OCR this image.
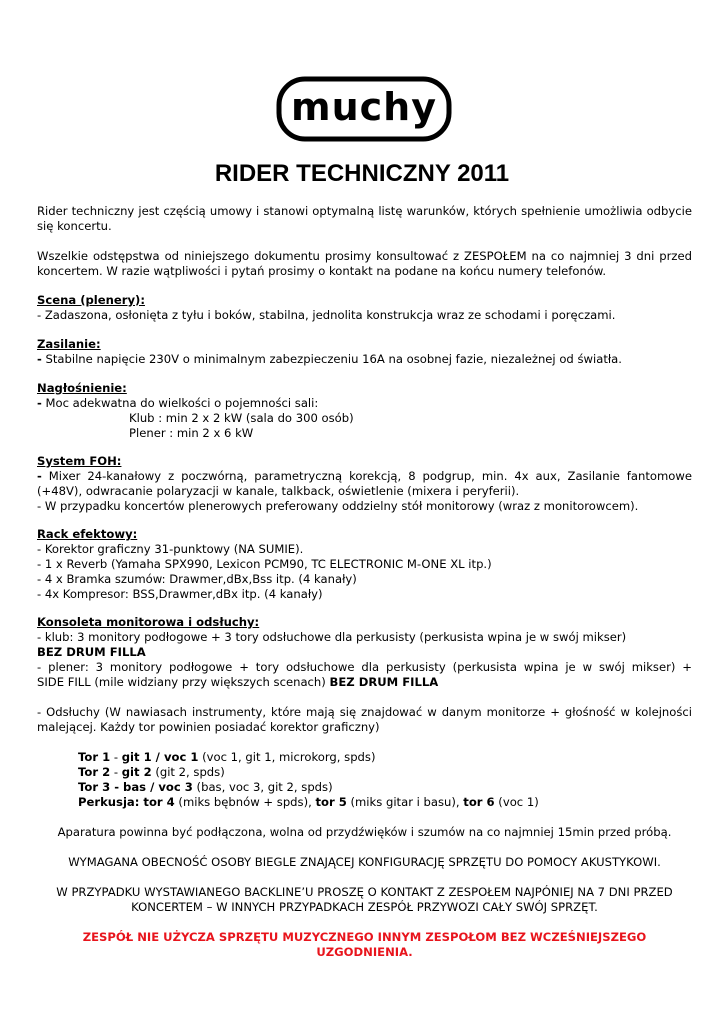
muchy
RIDER TECHNICZNY 2011

Rider techniczny jest częścią umowy i stanowi optymalną listę warunków, których spełnienie umożliwia odbycie się koncertu.

Wszelkie odstępstwa od niniejszego dokumentu prosimy konsultować z ZESPOŁEM na co najmniej 3 dni przed koncertem. W razie wątpliwości i pytań prosimy o kontakt na podane na końcu numery telefonów.

Scena (plenery):

- Zadaszona, osłonięta z tyłu i boków, stabilna, jednolita konstrukcja wraz ze schodami i poręczami.

Zasilanie:

- Stabilne napięcie 230V o minimalnym zabezpieczeniu 16A na osobnej fazie, niezależnej od światła.

Nagłośnienie:

- Moc adekwatna do wielkości o pojemności sali:

Klub : min 2 x 2 kW (sala do 300 osób)

Plener : min 2 x 6 kW

System FOH:

- Mixer 24-kanałowy z poczwórną, parametryczną korekcją, 8 podgrup, min. 4x aux, Zasilanie fantomowe

(+48V), odwracanie polaryzacji w kanale, talkback, oświetlenie (mixera i peryferii).

- W przypadku koncertów plenerowych preferowany oddzielny stół monitorowy (wraz z monitorowcem).

Rack efektowy:

- Korektor graficzny 31-punktowy (NA SUMIE).

- 1 x Reverb (Yamaha SPX990, Lexicon PCM90, TC ELECTRONIC M-ONE XL itp.)

- 4 x Bramka szumów: Drawmer,dBx,Bss itp. (4 kanały)

- 4x Kompresor: BSS,Drawmer,dBx itp. (4 kanały)

Konsoleta monitorowa i odsłuchy:

- klub: 3 monitory podłogowe + 3 tory odsłuchowe dla perkusisty (perkusista wpina je w swój mikser)

BEZ DRUM FILLA

- plener: 3 monitory podłogowe + tory odsłuchowe dla perkusisty (perkusista wpina je w swój mikser) +

SIDE FILL (mile widziany przy większych scenach) BEZ DRUM FILLA

- Odsłuchy (W nawiasach instrumenty, które mają się znajdować w danym monitorze + głośność w kolejności malejącej. Każdy tor powinien posiadać korektor graficzny)

Tor 1 - git 1 / voc 1 (voc 1, git 1, microkorg, spds)

Tor 2 - git 2 (git 2, spds)

Tor 3 - bas / voc 3 (bas, voc 3, git 2, spds)

Perkusja: tor 4 (miks bębnów + spds), tor 5 (miks gitar i basu), tor 6 (voc 1)

Aparatura powinna być podłączona, wolna od przydźwięków i szumów na co najmniej 15min przed próbą.

WYMAGANA OBECNOŚĆ OSOBY BIEGLE ZNAJĄCEJ KONFIGURACJĘ SPRZĘTU DO POMOCY AKUSTYKOWI.

W PRZYPADKU WYSTAWIANEGO BACKLINE’U PROSZĘ O KONTAKT Z ZESPOŁEM NAJPÓNIEJ NA 7 DNI PRZED

KONCERTEM – W INNYCH PRZYPADKACH ZESPÓŁ PRZYWOZI CAŁY SWÓJ SPRZĘT.

ZESPÓŁ NIE UŻYCZA SPRZĘTU MUZYCZNEGO INNYM ZESPOŁOM BEZ WCZEŚNIEJSZEGO

UZGODNIENIA.
